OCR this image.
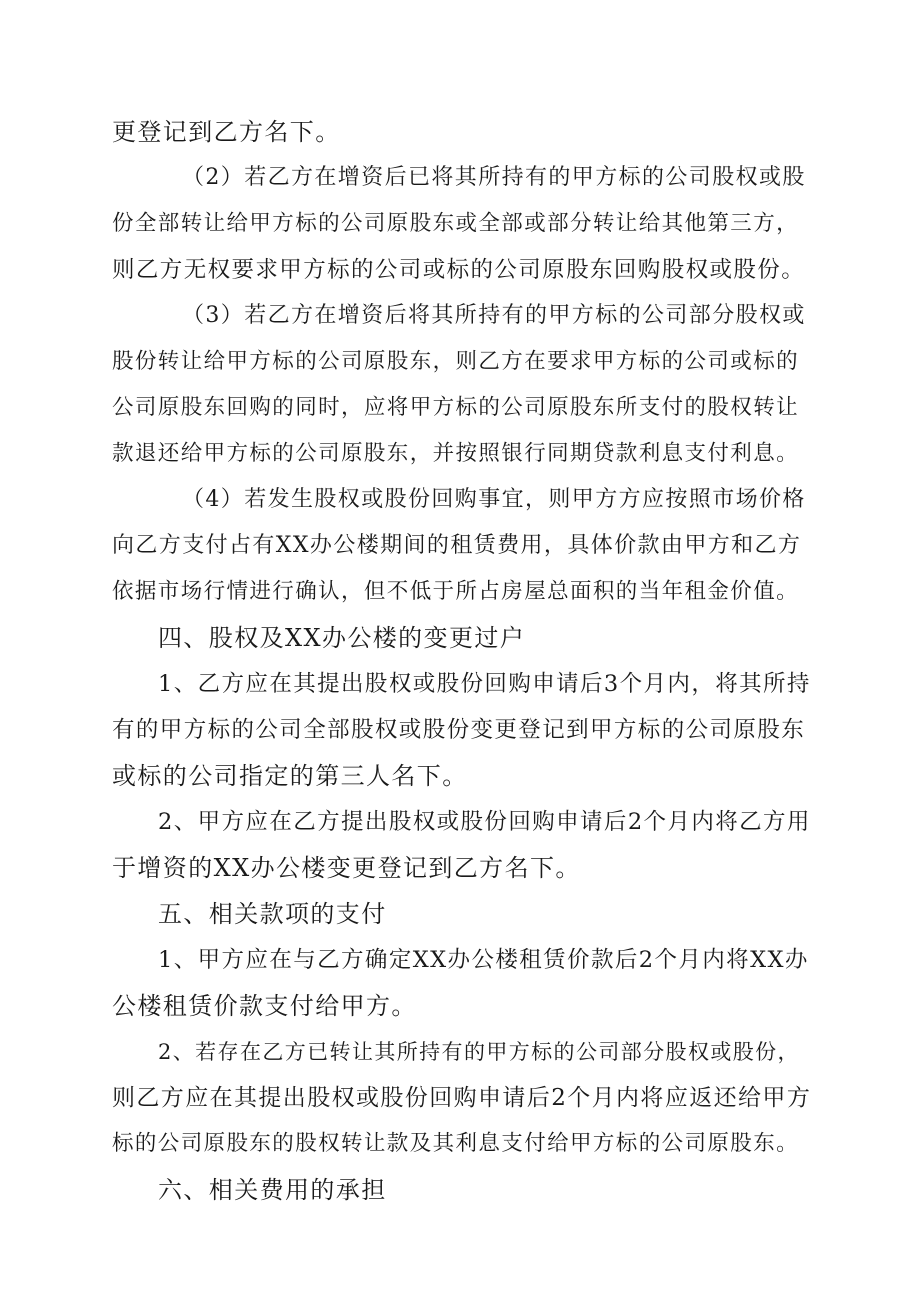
更登记到乙方名下。
（2）若乙方在增资后已将其所持有的甲方标的公司股权或股
份全部转让给甲方标的公司原股东或全部或部分转让给其他第三方，
则乙方无权要求甲方标的公司或标的公司原股东回购股权或股份。
（3）若乙方在增资后将其所持有的甲方标的公司部分股权或
股份转让给甲方标的公司原股东，则乙方在要求甲方标的公司或标的
公司原股东回购的同时，应将甲方标的公司原股东所支付的股权转让
款退还给甲方标的公司原股东，并按照银行同期贷款利息支付利息。
（4）若发生股权或股份回购事宜，则甲方方应按照市场价格
向乙方支付占有XX办公楼期间的租赁费用，具体价款由甲方和乙方
依据市场行情进行确认，但不低于所占房屋总面积的当年租金价值。
四、股权及XX办公楼的变更过户
1、乙方应在其提出股权或股份回购申请后3个月内，将其所持
有的甲方标的公司全部股权或股份变更登记到甲方标的公司原股东
或标的公司指定的第三人名下。
2、甲方应在乙方提出股权或股份回购申请后2个月内将乙方用
于增资的XX办公楼变更登记到乙方名下。
五、相关款项的支付
1、甲方应在与乙方确定XX办公楼租赁价款后2个月内将XX办
公楼租赁价款支付给甲方。
2、若存在乙方已转让其所持有的甲方标的公司部分股权或股份，
则乙方应在其提出股权或股份回购申请后2个月内将应返还给甲方
标的公司原股东的股权转让款及其利息支付给甲方标的公司原股东。
六、相关费用的承担
